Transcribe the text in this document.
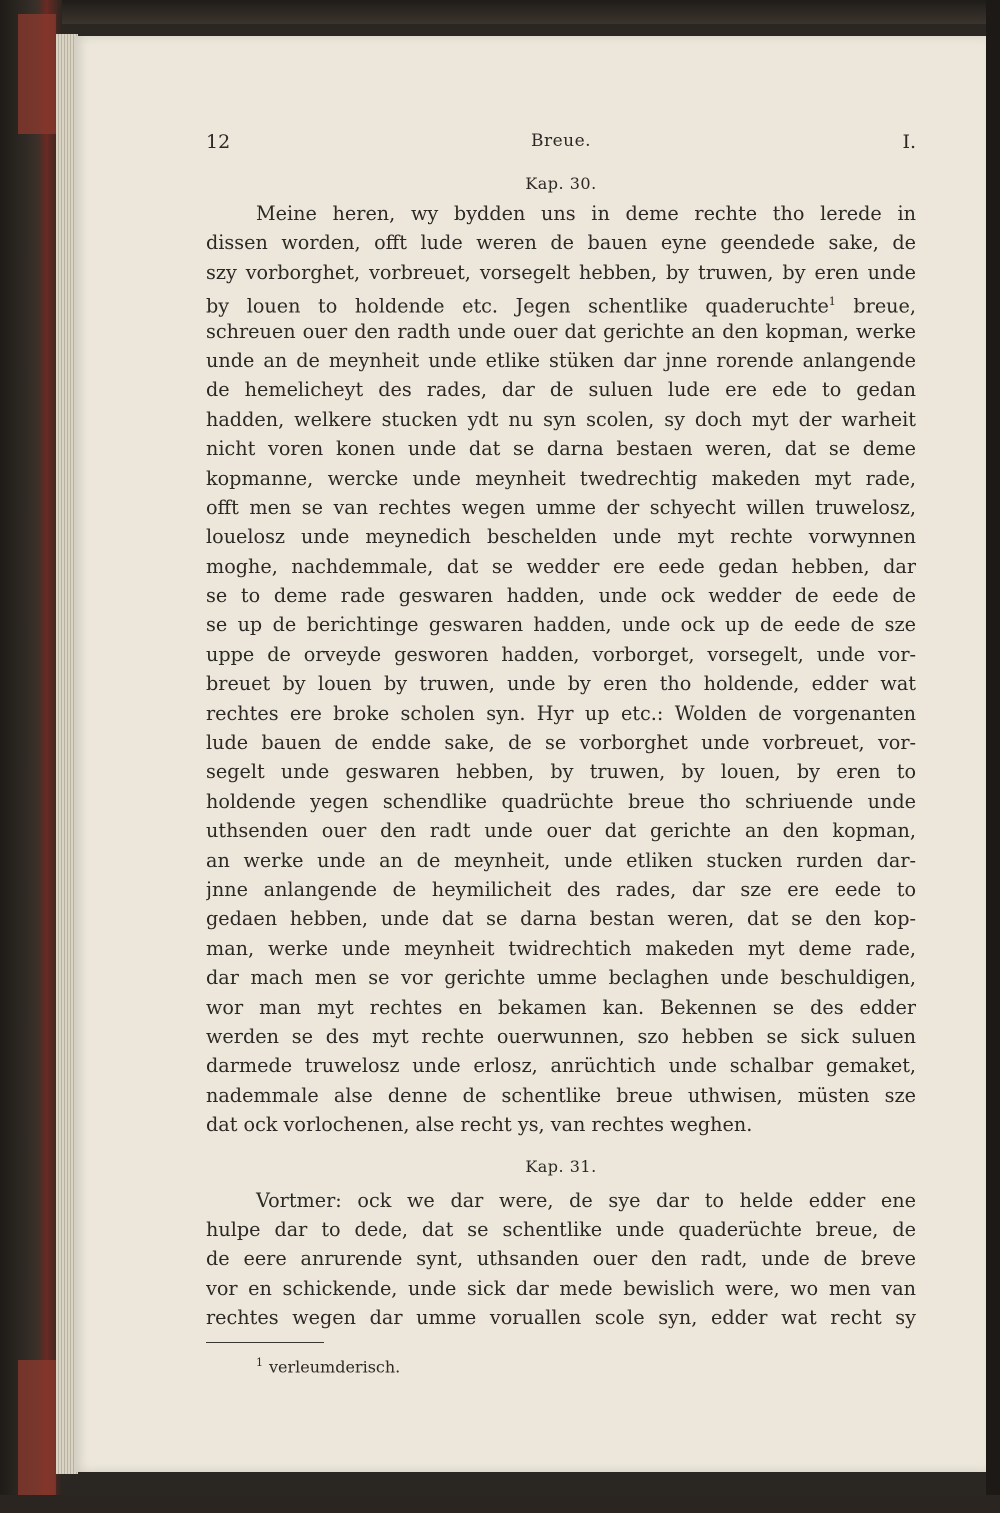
12	Breue.	I.
Kap. 30.
Meine heren, wy bydden uns in deme rechte tho lerede in
dissen worden, offt lude weren de bauen eyne geendede sake, de
szy vorborghet, vorbreuet, vorsegelt hebben, by truwen, by eren unde
by louen to holdende etc. Jegen schentlike quaderuchte$^1$ breue,
schreuen ouer den radth unde ouer dat gerichte an den kopman, werke
unde an de meynheit unde etlike stüken dar jnne rorende anlangende
de hemelicheyt des rades, dar de suluen lude ere ede to gedan
hadden, welkere stucken ydt nu syn scolen, sy doch myt der warheit
nicht voren konen unde dat se darna bestaen weren, dat se deme
kopmanne, wercke unde meynheit twedrechtig makeden myt rade,
offt men se van rechtes wegen umme der schyecht willen truwelosz,
louelosz unde meynedich beschelden unde myt rechte vorwynnen
moghe, nachdemmale, dat se wedder ere eede gedan hebben, dar
se to deme rade geswaren hadden, unde ock wedder de eede de
se up de berichtinge geswaren hadden, unde ock up de eede de sze
uppe de orveyde gesworen hadden, vorborget, vorsegelt, unde vor-
breuet by louen by truwen, unde by eren tho holdende, edder wat
rechtes ere broke scholen syn. Hyr up etc.: Wolden de vorgenanten
lude bauen de endde sake, de se vorborghet unde vorbreuet, vor-
segelt unde geswaren hebben, by truwen, by louen, by eren to
holdende yegen schendlike quadrüchte breue tho schriuende unde
uthsenden ouer den radt unde ouer dat gerichte an den kopman,
an werke unde an de meynheit, unde etliken stucken rurden dar-
jnne anlangende de heymilicheit des rades, dar sze ere eede to
gedaen hebben, unde dat se darna bestan weren, dat se den kop-
man, werke unde meynheit twidrechtich makeden myt deme rade,
dar mach men se vor gerichte umme beclaghen unde beschuldigen,
wor man myt rechtes en bekamen kan. Bekennen se des edder
werden se des myt rechte ouerwunnen, szo hebben se sick suluen
darmede truwelosz unde erlosz, anrüchtich unde schalbar gemaket,
nademmale alse denne de schentlike breue uthwisen, müsten sze
dat ock vorlochenen, alse recht ys, van rechtes weghen.
Kap. 31.
Vortmer: ock we dar were, de sye dar to helde edder ene
hulpe dar to dede, dat se schentlike unde quaderüchte breue, de
de eere anrurende synt, uthsanden ouer den radt, unde de breve
vor en schickende, unde sick dar mede bewislich were, wo men van
rechtes wegen dar umme voruallen scole syn, edder wat recht sy
$^1$ verleumderisch.
